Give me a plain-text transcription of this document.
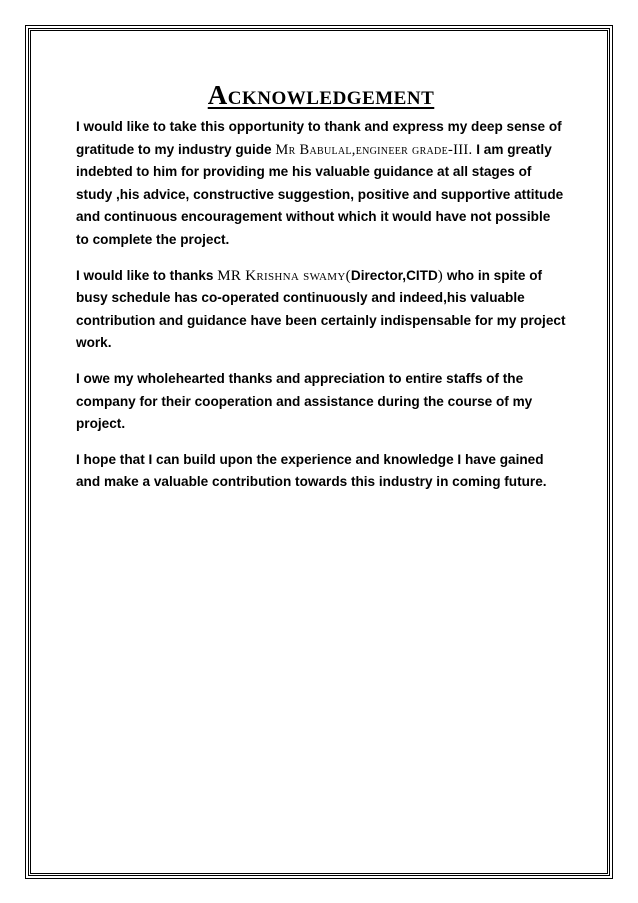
Acknowledgement

I would like to take this opportunity to thank and express my deep sense of gratitude to my industry guide Mr Babulal,engineer grade-III. I am greatly indebted to him for providing me his valuable guidance at all stages of study ,his advice, constructive suggestion, positive and supportive attitude and continuous encouragement without which it would have not possible to complete the project.

I would like to thanks MR Krishna swamy(Director,CITD) who in spite of busy schedule has co-operated continuously and indeed,his valuable contribution and guidance have been certainly indispensable for my project work.

I owe my wholehearted thanks and appreciation to entire staffs of the company for their cooperation and assistance during the course of my project.

I hope that I can build upon the experience and knowledge I have gained and make a valuable contribution towards this industry in coming future.
